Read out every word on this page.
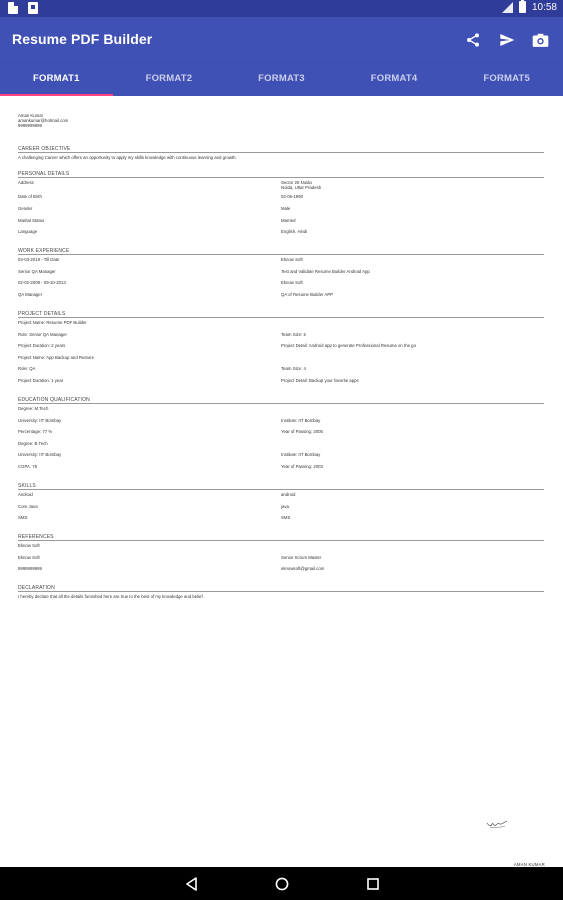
10:58
Resume PDF Builder
FORMAT1	FORMAT2	FORMAT3	FORMAT4	FORMAT5
Aman Kumar
amankumar@hotmail.com
9999999999
CAREER OBJECTIVE
A challenging Career which offers an opportunity to apply my skills knowledge with continuous learning and growth.
PERSONAL DETAILS
Address	Sector 25 Noida
Noida, Uttar Pradesh
Date of Birth	02-06-1990
Gender	Male
Marital Status	Married
Language	English, Hindi
WORK EXPERIENCE
03-03-2019 - Till Date	Eknow Soft
Senior QA Manager	Test and Validate Resume Builder Android App
02-02-2009 - 09-10-2013	Eknow Soft
QA Manager	QA of Resume Builder APP
PROJECT DETAILS
Project Name: Resume PDF Builder
Role: Senior QA Manager	Team Size: 5
Project Duration: 2 years	Project Detail: Android app to generate Professional Resume on the go
Project Name: App Backup and Restore
Role: QA	Team Size: 4
Project Duration: 1 year	Project Detail: Backup your favorite apps
EDUCATION QUALIFICATION
Degree: M.Tech
University: IIT Bombay	Institute: IIT Bombay
Percentage: 77 %	Year of Passing: 2005
Degree: B.Tech
University: IIT Bombay	Institute: IIT Bombay
CGPA: 75	Year of Passing: 2003
SKILLS
Android	android
Core Java	java
SMS	SMS
REFERENCES
Eknow Soft
Eknow Soft	Senior Scrum Master
9999999999	eknowsoft@gmail.com
DECLARATION
I hereby declare that all the details furnished here are true to the best of my knowledge and belief.
AMAN KUMAR
